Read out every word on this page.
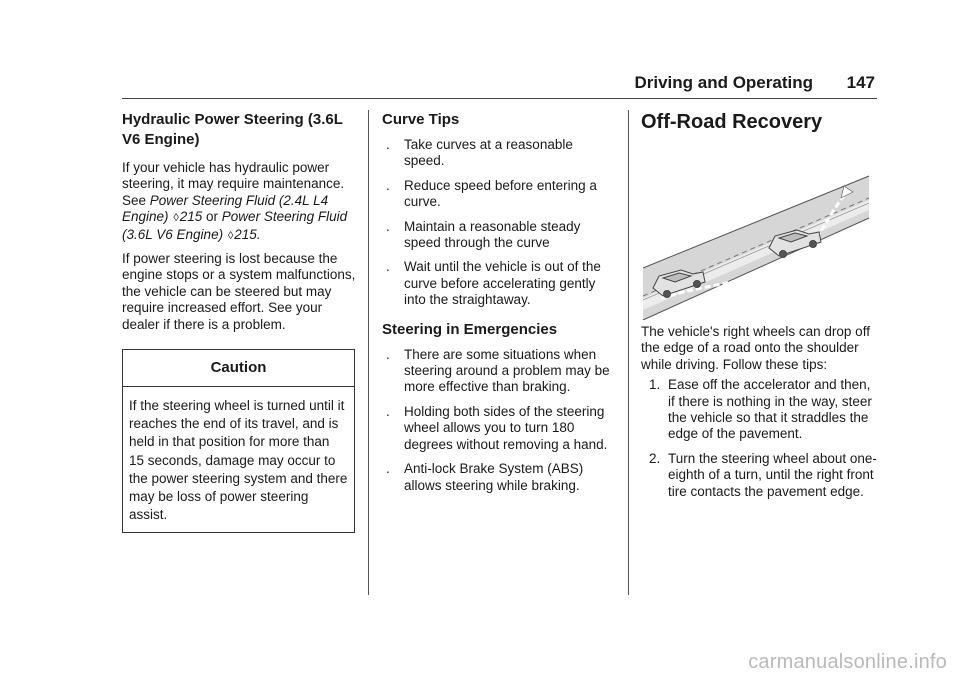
Driving and Operating 147
Hydraulic Power Steering (3.6L V6 Engine)

If your vehicle has hydraulic power steering, it may require maintenance. See Power Steering Fluid (2.4L L4 Engine) ◊215 or Power Steering Fluid (3.6L V6 Engine) ◊215.

If power steering is lost because the engine stops or a system malfunctions, the vehicle can be steered but may require increased effort. See your dealer if there is a problem.

Caution
If the steering wheel is turned until it reaches the end of its travel, and is held in that position for more than 15 seconds, damage may occur to the power steering system and there may be loss of power steering assist.
Curve Tips
. Take curves at a reasonable speed.
. Reduce speed before entering a curve.
. Maintain a reasonable steady speed through the curve
. Wait until the vehicle is out of the curve before accelerating gently into the straightaway.
Steering in Emergencies
. There are some situations when steering around a problem may be more effective than braking.
. Holding both sides of the steering wheel allows you to turn 180 degrees without removing a hand.
. Anti-lock Brake System (ABS) allows steering while braking.
Off-Road Recovery

The vehicle's right wheels can drop off the edge of a road onto the shoulder while driving. Follow these tips:

1. Ease off the accelerator and then, if there is nothing in the way, steer the vehicle so that it straddles the edge of the pavement.
2. Turn the steering wheel about one-eighth of a turn, until the right front tire contacts the pavement edge.
carmanualsonline.info
